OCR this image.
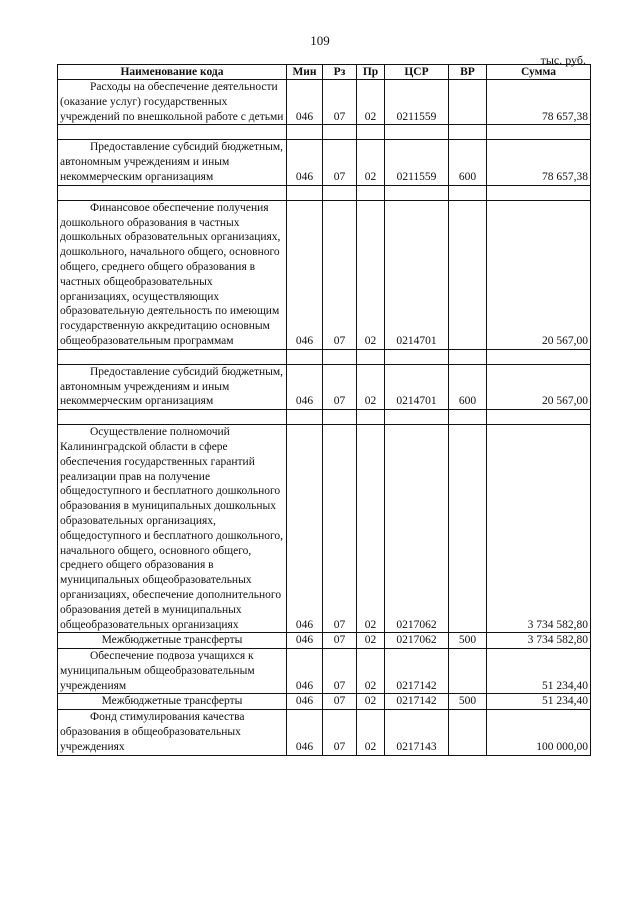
109
тыс. руб.
Наименование кода	Мин	Рз	Пр	ЦСР	ВР	Сумма
Расходы на обеспечение деятельности (оказание услуг) государственных учреждений по внешкольной работе с детьми	046	07	02	0211559		78 657,38

Предоставление субсидий бюджетным, автономным учреждениям и иным некоммерческим организациям	046	07	02	0211559	600	78 657,38

Финансовое обеспечение получения дошкольного образования в частных дошкольных образовательных организациях, дошкольного, начального общего, основного общего, среднего общего образования в частных общеобразовательных организациях, осуществляющих образовательную деятельность по имеющим государственную аккредитацию основным общеобразовательным программам	046	07	02	0214701		20 567,00

Предоставление субсидий бюджетным, автономным учреждениям и иным некоммерческим организациям	046	07	02	0214701	600	20 567,00

Осуществление полномочий Калининградской области в сфере обеспечения государственных гарантий реализации прав на получение общедоступного и бесплатного дошкольного образования в муниципальных дошкольных образовательных организациях, общедоступного и бесплатного дошкольного, начального общего, основного общего, среднего общего образования в муниципальных общеобразовательных организациях, обеспечение дополнительного образования детей в муниципальных общеобразовательных организациях	046	07	02	0217062		3 734 582,80
Межбюджетные трансферты	046	07	02	0217062	500	3 734 582,80
Обеспечение подвоза учащихся к муниципальным общеобразовательным учреждениям	046	07	02	0217142		51 234,40
Межбюджетные трансферты	046	07	02	0217142	500	51 234,40
Фонд стимулирования качества образования в общеобразовательных учреждениях	046	07	02	0217143		100 000,00
